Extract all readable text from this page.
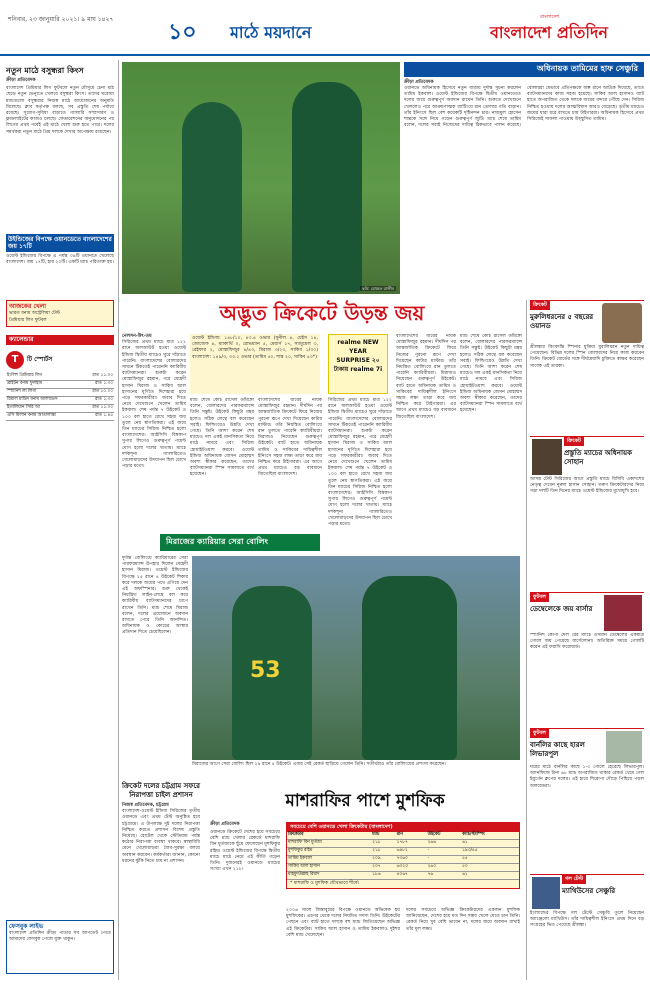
শনিবার, ২৩ জানুয়ারি ২০২১। ৯ মাঘ ১৪২৭
১০ মাঠে ময়দানে
বাংলাদেশ
বাংলাদেশ প্রতিদিন
নতুন মাঠে বসুন্ধরা কিংস
ক্রীড়া প্রতিবেদক
বাংলাদেশ প্রিমিয়ার লিগ ফুটবলে নতুন মৌসুমে চেনা মাঠ ছেড়ে নতুন ভেন্যুতে খেলবে বসুন্ধরা কিংস। তাদের ঘরোয়া ম্যাচগুলো বসুন্ধরার নিজস্ব মাঠে আয়োজনের অনুমতি মিলেছে। ক্লাব কর্তৃপক্ষ বলছে, সব প্রস্তুতি শেষ পর্যায়ে রয়েছে। সুযোগ-সুবিধা বাড়াতে গ্যালারি সম্প্রসারণ ও ফ্লাডলাইটের কাজও চলছে। ফেডারেশনের অনুমোদনের পর লিগের প্রথম পর্বেই এই মাঠে খেলা শুরু হতে পারে। দলের সমর্থকরা নতুন মাঠে প্রিয় দলকে দেখার অপেক্ষায় রয়েছেন।
উইন্ডিজের বিপক্ষে ওয়ানডেতে বাংলাদেশের জয় ১৭টি
ওয়েস্ট ইন্ডিজের বিপক্ষে এ পর্যন্ত ৩৯টি ওয়ানডে খেলেছে বাংলাদেশ। জয় ১৭টি, হার ২০টি। একটি ম্যাচ পরিত্যক্ত হয়।
আজকের খেলা
ভারত বনাম অস্ট্রেলিয়া টেস্ট
প্রিমিয়ার লিগ ফুটবল
ক্যালেন্ডার
T	টি স্পোর্টস
ইংলিশ প্রিমিয়ার লিগ	রাত ১১.০০
ব্রাইটন বনাম ফুলহাম	রাত ১.৩০
স্প্যানিশ লা লিগা	রাত ১০.০০
রিয়াল মাদ্রিদ বনাম আলাভেস	রাত ১.৩০
ইতালিয়ান সিরি আ	রাত ১১.০০
এসি মিলান বনাম আতালান্তা	রাত ১.৪৫
ফেসবুক লাইভ
বাংলাদেশ প্রতিদিন ক্রীড়া পাতার সব আপডেট পেতে আমাদের ফেসবুক পেজে যুক্ত থাকুন।
ছবি: রোহেত রাজীব
অধিনায়ক তামিমের হাফ সেঞ্চুরি
ক্রীড়া প্রতিবেদক
ওয়ানডে অধিনায়ক হিসেবে নতুন যাত্রায় দুর্দান্ত সূচনা করলেন তামিম ইকবাল। ওয়েস্ট ইন্ডিজের বিপক্ষে দ্বিতীয় ওয়ানডেতে দলের জয়ে গুরুত্বপূর্ণ অবদান রাখেন তিনি। শুরুতে দেখেশুনে খেললেও পরে আক্রমণাত্মক ব্যাটিংয়ে রান তোলার গতি বাড়ান। তাঁর ইনিংসে ছিল বেশ কয়েকটি দৃষ্টিনন্দন চার। নাজমুল হোসেন শান্তকে সঙ্গে নিয়ে গড়েন গুরুত্বপূর্ণ জুটি। ম্যাচ শেষে তামিম বলেন, দলের সবাই নিজেদের দায়িত্ব ঠিকভাবে পালন করেছে। বোলাররা যেভাবে প্রতিপক্ষকে অল্প রানে আটকে দিয়েছে, তাতে ব্যাটসম্যানদের কাজ সহজ হয়েছে। সাকিব আল হাসানও ব্যাট হাতে অপরাজিত থেকে দলকে জয়ের বন্দরে পৌঁছে দেন। সিরিজ নিশ্চিত হওয়ায় দলের আত্মবিশ্বাস আরও বেড়েছে। তৃতীয় ম্যাচেও জয়ের ধারা ধরে রাখতে চায় টাইগাররা। অধিনায়ক হিসেবে প্রথম সিরিজেই সাফল্য পাওয়ায় উচ্ছ্বসিত তামিম।
অদ্ভুত ক্রিকেটে উড়ন্ত জয়
নেলসন-উৎ-তম
সিরিজের প্রথম ম্যাচে মাত্র ১২২ রানে অলআউট হওয়া ওয়েস্ট ইন্ডিজ দ্বিতীয় ম্যাচেও ঘুরে দাঁড়াতে পারেনি। বাংলাদেশের বোলারদের সামনে টিকতেই পারেননি ক্যারিবীয় ব্যাটসম্যানরা। শুরুটা করেন মোস্তাফিজুর রহমান, পরে মেহেদী হাসান মিরাজ ও সাকিব আল হাসানের ঘূর্ণিতে দিশেহারা হয়ে পড়ে সফরকারীরা। জবাব দিতে নেমে দেখেশুনে খেলেন তামিম ইকবাল। শেষ পর্যন্ত ৭ উইকেট ও ১০০ বল হাতে রেখে সহজ জয় তুলে নেয় স্বাগতিকরা। এই জয়ে তিন ম্যাচের সিরিজ নিশ্চিত হলো বাংলাদেশের। আইসিসি বিশ্বকাপ সুপার লিগেও গুরুত্বপূর্ণ পয়েন্ট যোগ হলো দলের খাতায়। ম্যাচে দর্শকশূন্য গ্যালারিতেও খেলোয়াড়দের উদযাপন ছিল চোখে পড়ার মতো।
ওয়েস্ট ইন্ডিজ: ১৪৮/১০, ৪৩.৪ ওভার (সুনীল ৪, চেইস ১৪, জোজেফ ৪, ম্যাকার্থি ০, রোভম্যান ৫, মেয়ার্স ১৭, স্যামুয়েল ৩, রেইফার ২, মোস্তাফিজুর ৪/৪৩, মিরাজ ৩/২৩, সাকিব ১/৩০) বাংলাদেশ: ১৪৯/৩, ৩৩.২ ওভার (তামিম ৫০, শান্ত ২০, সাকিব ৪৩*)
ম্যাচ শেষে কোচ রাসেল ডমিঙ্গো বলেন, বোলারদের পারফরম্যান্সে তিনি সন্তুষ্ট। উইকেট কিছুটা মন্থর হলেও সঠিক লেন্থে বল করেছেন সবাই। ফিল্ডিংয়েও উন্নতি দেখা গেছে। তিনি আশা করেন শেষ ম্যাচেও দল একই মানসিকতা নিয়ে মাঠে নামবে এবং সিরিজ হোয়াইটওয়াশ করবে। ওয়েস্ট ইন্ডিজ অধিনায়ক জেসন মোহাম্মদ অবশ্য স্বীকার করেছেন, তাদের ব্যাটসম্যানরা স্পিন সামলাতে ব্যর্থ হয়েছেন।
বাংলাদেশের জয়ের নায়ক মোস্তাফিজুর রহমান। দীর্ঘদিন পর আন্তর্জাতিক ক্রিকেটে ফিরে নিজের পুরনো রূপে দেখা দিয়েছেন কাটার মাস্টার। তাঁর নিয়ন্ত্রিত বোলিংয়ে রান তুলতে পারেনি ক্যারিবীয়রা। মিরাজও নিয়েছেন গুরুত্বপূর্ণ উইকেট। ব্যাট হাতে অধিনায়ক তামিম ও সাকিবের দায়িত্বশীল ইনিংসে সহজ লক্ষ্য তাড়া করে জয় নিশ্চিত করে টাইগাররা। এর আগে প্রথম ম্যাচেও বড় ব্যবধানে জিতেছিল বাংলাদেশ।
realme NEW YEAR SURPRISE ২০ টাকায় realme 7i
সিরিজের প্রথম ম্যাচে মাত্র ১২২ রানে অলআউট হওয়া ওয়েস্ট ইন্ডিজ দ্বিতীয় ম্যাচেও ঘুরে দাঁড়াতে পারেনি। বাংলাদেশের বোলারদের সামনে টিকতেই পারেননি ক্যারিবীয় ব্যাটসম্যানরা। শুরুটা করেন মোস্তাফিজুর রহমান, পরে মেহেদী হাসান মিরাজ ও সাকিব আল হাসানের ঘূর্ণিতে দিশেহারা হয়ে পড়ে সফরকারীরা। জবাব দিতে নেমে দেখেশুনে খেলেন তামিম ইকবাল। শেষ পর্যন্ত ৭ উইকেট ও ১০০ বল হাতে রেখে সহজ জয় তুলে নেয় স্বাগতিকরা। এই জয়ে তিন ম্যাচের সিরিজ নিশ্চিত হলো বাংলাদেশের। আইসিসি বিশ্বকাপ সুপার লিগেও গুরুত্বপূর্ণ পয়েন্ট যোগ হলো দলের খাতায়। ম্যাচে দর্শকশূন্য গ্যালারিতেও খেলোয়াড়দের উদযাপন ছিল চোখে পড়ার মতো।
বাংলাদেশের জয়ের নায়ক মোস্তাফিজুর রহমান। দীর্ঘদিন পর আন্তর্জাতিক ক্রিকেটে ফিরে নিজের পুরনো রূপে দেখা দিয়েছেন কাটার মাস্টার। তাঁর নিয়ন্ত্রিত বোলিংয়ে রান তুলতে পারেনি ক্যারিবীয়রা। মিরাজও নিয়েছেন গুরুত্বপূর্ণ উইকেট। ব্যাট হাতে অধিনায়ক তামিম ও সাকিবের দায়িত্বশীল ইনিংসে সহজ লক্ষ্য তাড়া করে জয় নিশ্চিত করে টাইগাররা। এর আগে প্রথম ম্যাচেও বড় ব্যবধানে জিতেছিল বাংলাদেশ।
ম্যাচ শেষে কোচ রাসেল ডমিঙ্গো বলেন, বোলারদের পারফরম্যান্সে তিনি সন্তুষ্ট। উইকেট কিছুটা মন্থর হলেও সঠিক লেন্থে বল করেছেন সবাই। ফিল্ডিংয়েও উন্নতি দেখা গেছে। তিনি আশা করেন শেষ ম্যাচেও দল একই মানসিকতা নিয়ে মাঠে নামবে এবং সিরিজ হোয়াইটওয়াশ করবে। ওয়েস্ট ইন্ডিজ অধিনায়ক জেসন মোহাম্মদ অবশ্য স্বীকার করেছেন, তাদের ব্যাটসম্যানরা স্পিন সামলাতে ব্যর্থ হয়েছেন।
মিরাজের ক্যারিয়ার সেরা বোলিং
দুর্দান্ত বোলিংয়ে ক্যারিয়ারের সেরা পারফরম্যান্স উপহার দিলেন মেহেদী হাসান মিরাজ। ওয়েস্ট ইন্ডিজের বিপক্ষে ২৫ রানে ৪ উইকেট শিকার করে দলকে জয়ের পথে এগিয়ে দেন এই অফস্পিনার। শুরু থেকেই নিয়ন্ত্রিত লাইন-লেন্থে বল করে ক্যারিবীয় ব্যাটসম্যানদের চাপে রাখেন তিনি। ম্যাচ শেষে মিরাজ বলেন, দলের প্রয়োজনে অবদান রাখতে পেরে তিনি আনন্দিত। অধিনায়ক ও কোচের আস্থার প্রতিদান দিতে চেয়েছিলেন।
53
মিরাজের আগে সেরা বোলিং ছিল ২৯ রানে ৪ উইকেট। এবার সেই রেকর্ড ছাড়িয়ে গেলেন তিনি। সতীর্থরাও তাঁর বোলিংয়ের প্রশংসা করেছেন।
ক্রিকেট দলের চট্টগ্রাম সফরে নিরাপত্তা চাইল প্রশাসন
নিজস্ব প্রতিবেদক, চট্টগ্রাম
বাংলাদেশ-ওয়েস্ট ইন্ডিজ সিরিজের তৃতীয় ওয়ানডে এবং প্রথম টেস্ট অনুষ্ঠিত হবে চট্টগ্রামে। এ উপলক্ষে দুই দলের নিরাপত্তা নিশ্চিত করতে প্রশাসন বিশেষ প্রস্তুতি নিয়েছে। হোটেল থেকে স্টেডিয়াম পর্যন্ত কঠোর নিরাপত্তা ব্যবস্থা থাকবে। স্বাস্থ্যবিধি মেনে খেলোয়াড়রা জৈব-সুরক্ষা বলয়ে অবস্থান করবেন। কর্মকর্তারা জানান, কোনো ধরনের ঝুঁকি নিতে চায় না প্রশাসন।
মাশরাফির পাশে মুশফিক
ক্রীড়া প্রতিবেদক
ওয়ানডে ক্রিকেটে দেশের হয়ে সবচেয়ে বেশি ম্যাচ খেলার রেকর্ডে মাশরাফি বিন মুর্তজাকে ছুঁয়ে ফেলেছেন মুশফিকুর রহিম। ওয়েস্ট ইন্ডিজের বিপক্ষে দ্বিতীয় ম্যাচে মাঠে নেমে এই কীর্তি গড়েন তিনি। দুজনেরই ওয়ানডে ম্যাচের সংখ্যা এখন ২১৮।
সবচেয়ে বেশি ওয়ানডে খেলা ক্রিকেটার (বাংলাদেশ)
ক্রিকেটার	ম্যাচ	রান	উইকেট	ক্যাচ/স্টাম্পিং
মাশরাফি বিন মুর্তজা	২১৮	১৭৮৭	২৬৬	৬১
মুশফিকুর রহিম	২১৮	৬৪৮২	-	১৯৩/৪৫
তামিম ইকবাল	২০৯	৭৩৬০	-	৫৫
সাকিব আল হাসান	২০৭	৬৩২৩	২৬০	৫০
মাহমুদউল্লাহ রিয়াদ	১৮৬	৪০৬৭	৭৬	৬১
* মাশরাফি ও মুশফিক যৌথভাবে শীর্ষে।
২০০৬ সালে জিম্বাবুয়ের বিপক্ষে ওয়ানডে অভিষেক হয় মুশফিকের। এরপর থেকে দলের নিয়মিত সদস্য তিনি। উইকেটের পেছনে এবং ব্যাট হাতে দলকে বহু ম্যাচ জিতিয়েছেন অভিজ্ঞ এই ক্রিকেটার। সাকিব আল হাসান ও তামিম ইকবালও দুইশর বেশি ম্যাচ খেলেছেন।
দলের সবচেয়ে অভিজ্ঞ ক্রিকেটারদের একজন মুশফিক জানিয়েছেন, দেশের হয়ে যত দিন সম্ভব খেলে যেতে চান তিনি। রেকর্ড নিয়ে খুব বেশি ভাবেন না, দলের জয়ে অবদান রাখাই তাঁর মূল লক্ষ্য।
ক্রিকেট
মুরুলিধরনের ৫ বছরের ওয়ানড
শ্রীলঙ্কার কিংবদন্তি স্পিনার মুত্তিয়া মুরালিধরন নতুন দায়িত্ব পেয়েছেন। বিভিন্ন দলের স্পিন বোলারদের নিয়ে কাজ করবেন তিনি। ক্রিকেট বোর্ডের সঙ্গে দীর্ঘমেয়াদি চুক্তিতে স্বাক্ষর করেছেন সাবেক এই তারকা।
ক্রিকেট
প্রস্তুতি ম্যাচের অধিনায়ক সোহান
আসন্ন টেস্ট সিরিজের আগে প্রস্তুতি ম্যাচে বিসিবি একাদশের নেতৃত্ব দেবেন নুরুল হাসান সোহান। তরুণ ক্রিকেটারদের নিয়ে গড়া দলটি তিন দিনের ম্যাচে ওয়েস্ট ইন্ডিজের মুখোমুখি হবে।
ফুটবল
ডেম্বেলেকে জয় বার্সার
স্প্যানিশ কোপা দেল রের ম্যাচে ওসমান ডেম্বেলের একমাত্র গোলে জয় পেয়েছে বার্সেলোনা। অতিরিক্ত সময়ে গোলটি করেন এই ফরাসি ফরোয়ার্ড।
ফুটবল
বার্নলির কাছে হারল লিভারপুল
ঘরের মাঠে বার্নলির কাছে ১-০ গোলে হেরেছে লিভারপুল। অ্যানফিল্ডে টানা ৬৮ ম্যাচ অপরাজিত থাকার রেকর্ড থেমে গেল ইয়ুর্গেন ক্লপের দলের। এই হারে শিরোপা দৌড়ে পিছিয়ে পড়ল অলরেডরা।
গল টেস্ট
ম্যাথিউসের সেঞ্চুরি
ইংল্যান্ডের বিপক্ষে গল টেস্টে সেঞ্চুরি তুলে নিয়েছেন অ্যাঞ্জেলো ম্যাথিউস। তাঁর দায়িত্বশীল ইনিংসে প্রথম দিনে বড় সংগ্রহের ভিত পেয়েছে শ্রীলঙ্কা।
